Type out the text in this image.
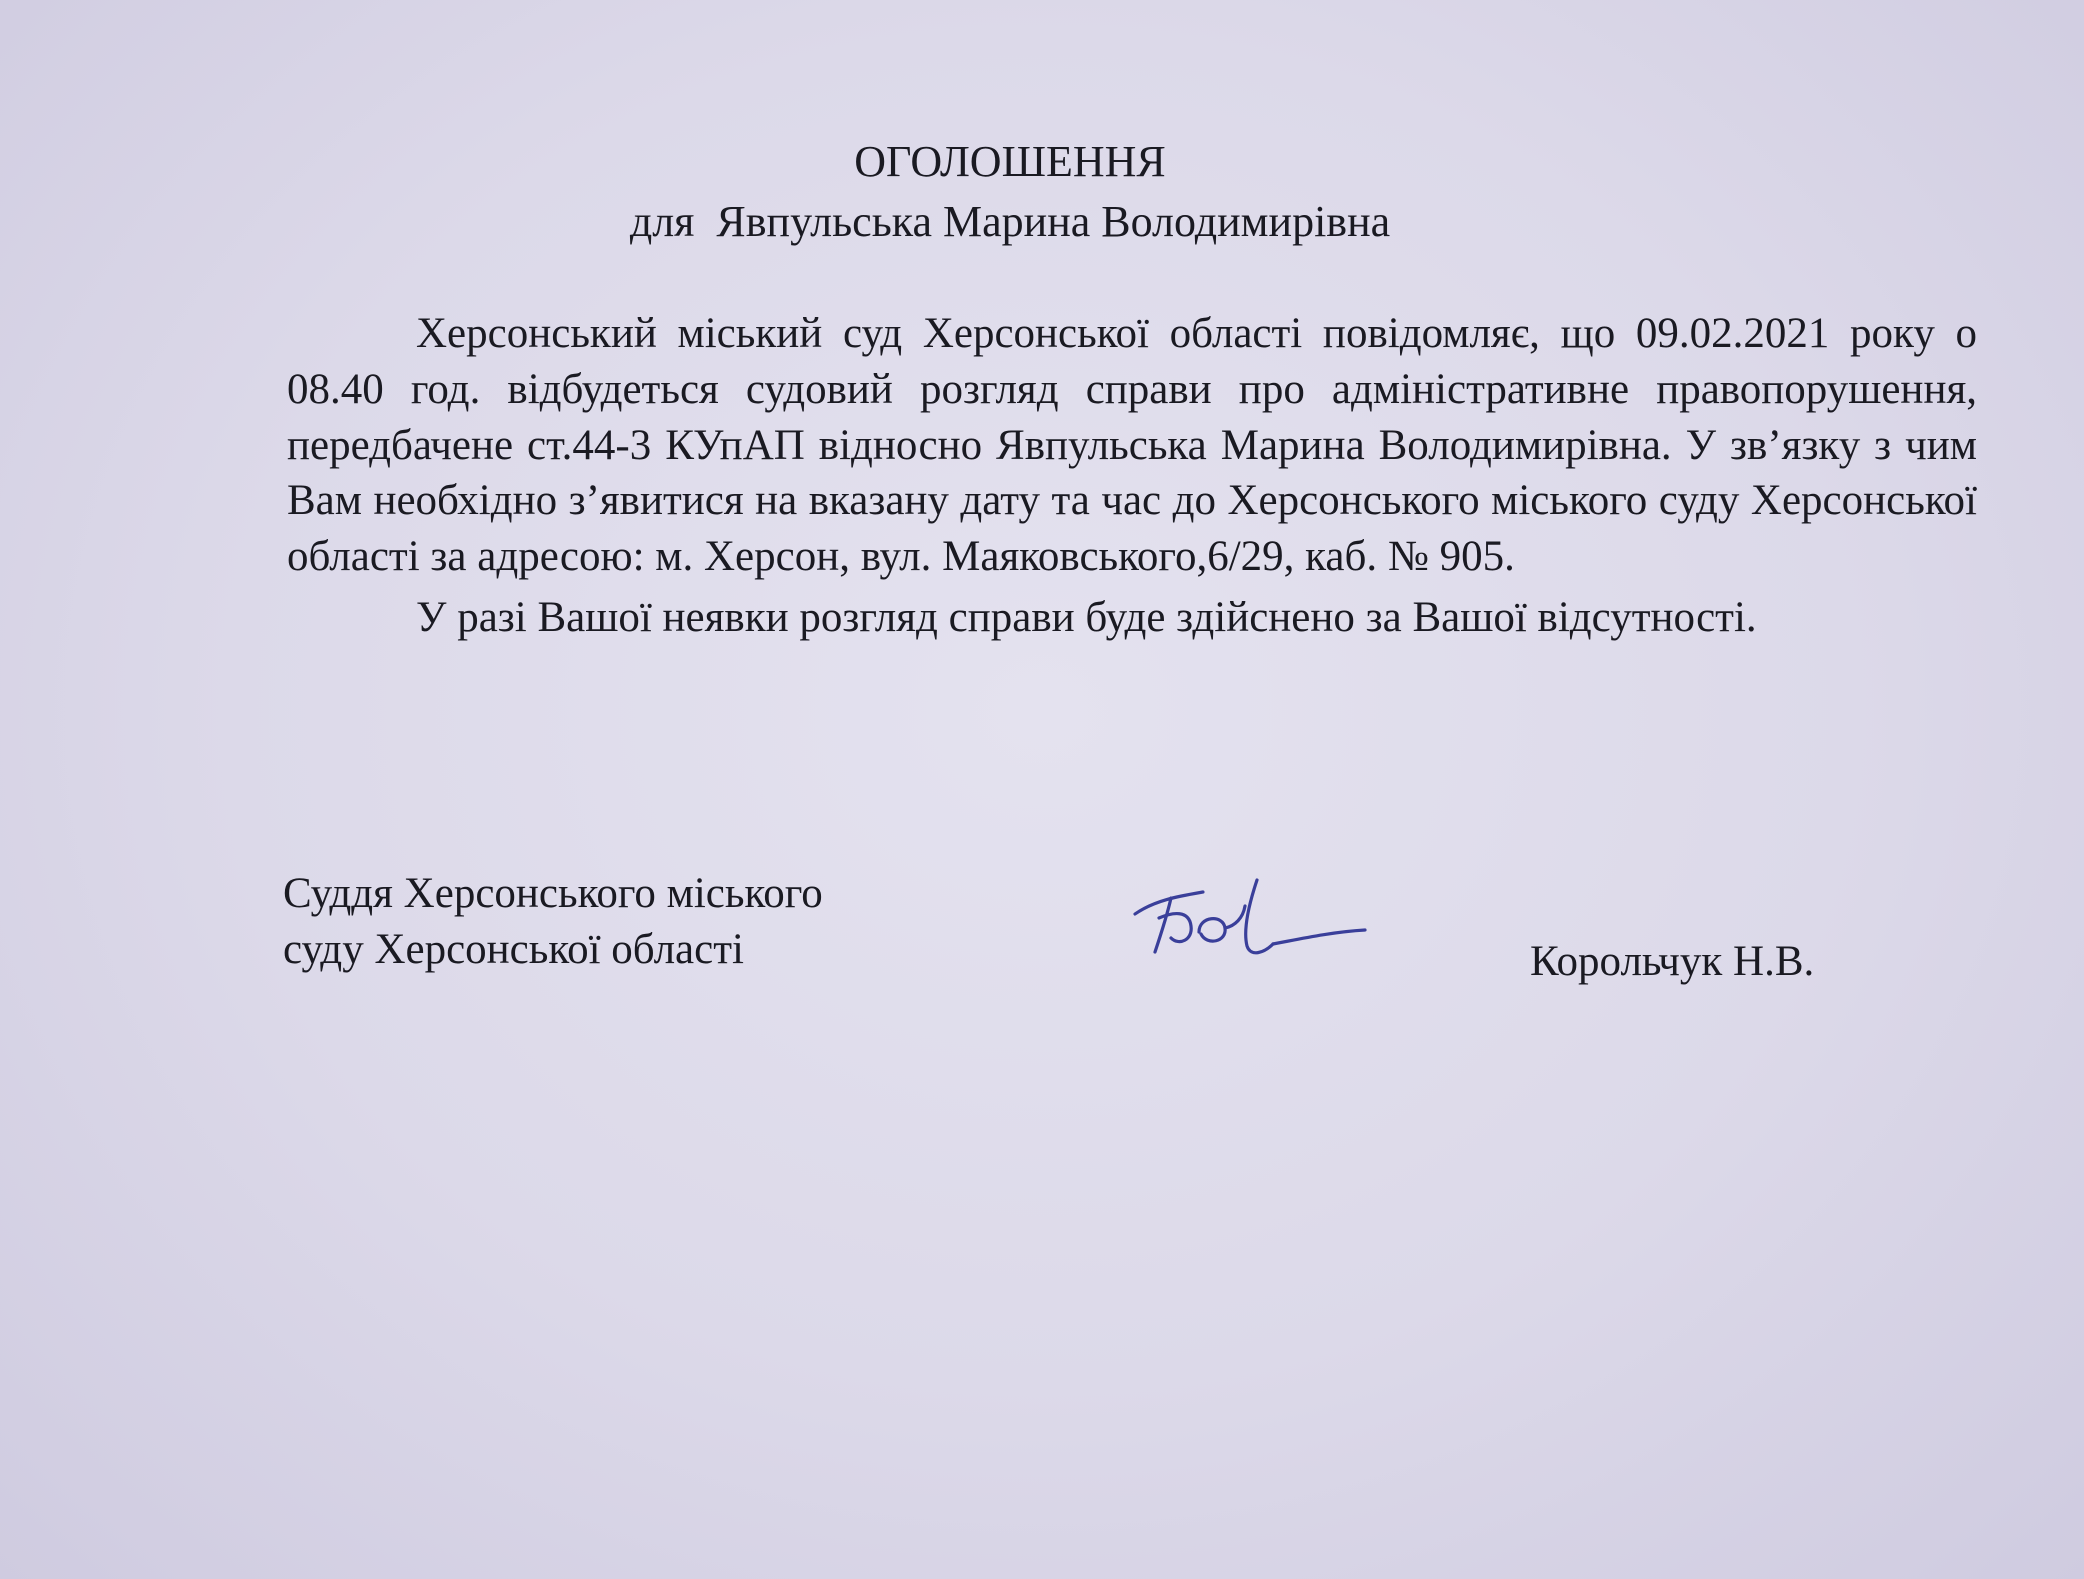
ОГОЛОШЕННЯ
для Явпульська Марина Володимирівна

Херсонський міський суд Херсонської області повідомляє, що 09.02.2021 року о 08.40 год. відбудеться судовий розгляд справи про адміністративне правопорушення, передбачене ст.44-3 КУпАП відносно Явпульська Марина Володимирівна. У зв’язку з чим Вам необхідно з’явитися на вказану дату та час до Херсонського міського суду Херсонської області за адресою: м. Херсон, вул. Маяковського,6/29, каб. № 905.

У разі Вашої неявки розгляд справи буде здійснено за Вашої відсутності.

Суддя Херсонського міського
суду Херсонської області	Корольчук Н.В.
